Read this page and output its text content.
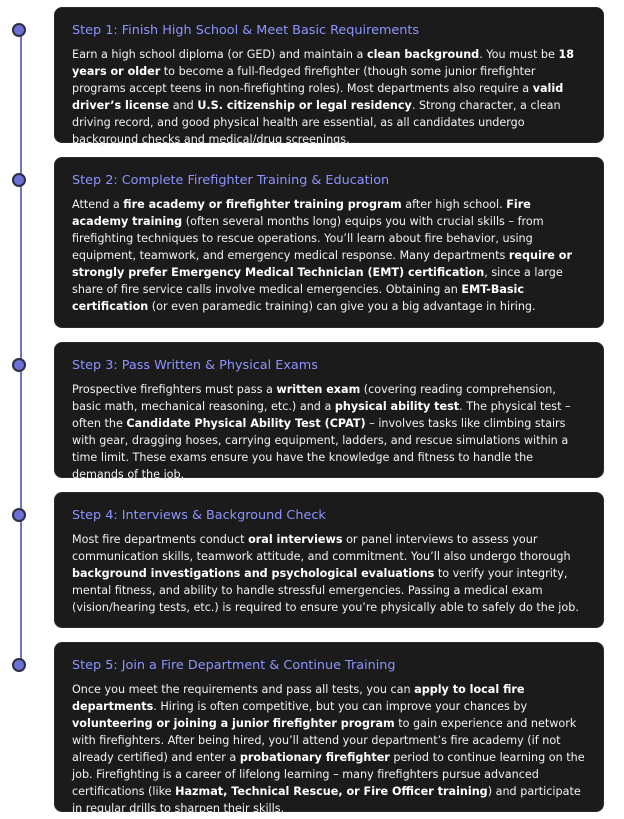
Step 1: Finish High School & Meet Basic Requirements

Earn a high school diploma (or GED) and maintain a clean background. You must be 18 years or older to become a full-fledged firefighter (though some junior firefighter programs accept teens in non-firefighting roles). Most departments also require a valid driver’s license and U.S. citizenship or legal residency. Strong character, a clean driving record, and good physical health are essential, as all candidates undergo background checks and medical/drug screenings.

Step 2: Complete Firefighter Training & Education

Attend a fire academy or firefighter training program after high school. Fire academy training (often several months long) equips you with crucial skills – from firefighting techniques to rescue operations. You’ll learn about fire behavior, using equipment, teamwork, and emergency medical response. Many departments require or strongly prefer Emergency Medical Technician (EMT) certification, since a large share of fire service calls involve medical emergencies. Obtaining an EMT-Basic certification (or even paramedic training) can give you a big advantage in hiring.

Step 3: Pass Written & Physical Exams

Prospective firefighters must pass a written exam (covering reading comprehension, basic math, mechanical reasoning, etc.) and a physical ability test. The physical test – often the Candidate Physical Ability Test (CPAT) – involves tasks like climbing stairs with gear, dragging hoses, carrying equipment, ladders, and rescue simulations within a time limit. These exams ensure you have the knowledge and fitness to handle the demands of the job.

Step 4: Interviews & Background Check

Most fire departments conduct oral interviews or panel interviews to assess your communication skills, teamwork attitude, and commitment. You’ll also undergo thorough background investigations and psychological evaluations to verify your integrity, mental fitness, and ability to handle stressful emergencies. Passing a medical exam (vision/hearing tests, etc.) is required to ensure you’re physically able to safely do the job.

Step 5: Join a Fire Department & Continue Training

Once you meet the requirements and pass all tests, you can apply to local fire departments. Hiring is often competitive, but you can improve your chances by volunteering or joining a junior firefighter program to gain experience and network with firefighters. After being hired, you’ll attend your department’s fire academy (if not already certified) and enter a probationary firefighter period to continue learning on the job. Firefighting is a career of lifelong learning – many firefighters pursue advanced certifications (like Hazmat, Technical Rescue, or Fire Officer training) and participate in regular drills to sharpen their skills.
